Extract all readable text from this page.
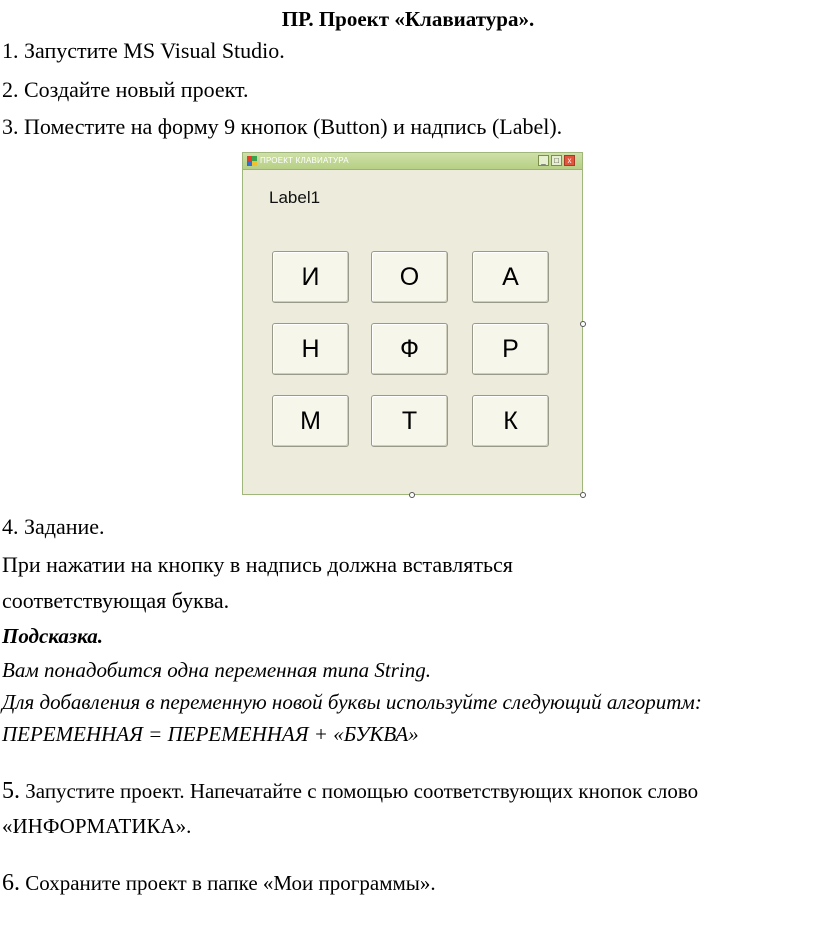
ПР. Проект «Клавиатура».
1. Запустите MS Visual Studio.
2. Создайте новый проект.
3. Поместите на форму 9 кнопок (Button) и надпись (Label).
ПРОЕКТ КЛАВИАТУРА	_	□	x
Label1
И	О	А
Н	Ф	Р
М	Т	К
4. Задание.
При нажатии на кнопку в надпись должна вставляться
соответствующая буква.
Подсказка.
Вам понадобится одна переменная типа String.
Для добавления в переменную новой буквы используйте следующий алгоритм:
ПЕРЕМЕННАЯ = ПЕРЕМЕННАЯ + «БУКВА»
5. Запустите проект. Напечатайте с помощью соответствующих кнопок слово
«ИНФОРМАТИКА».
6. Сохраните проект в папке «Мои программы».
